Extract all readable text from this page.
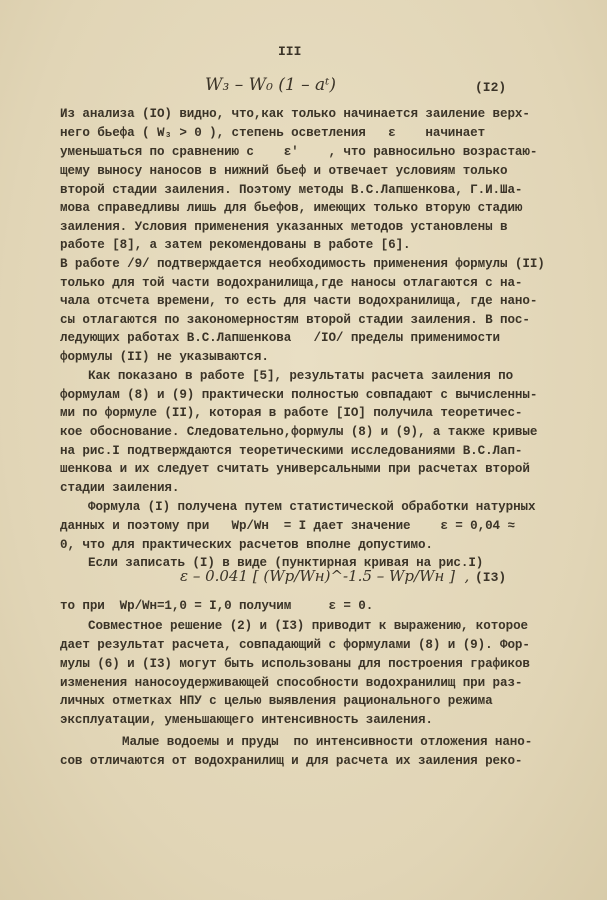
III
W₃ – W₀ (1 – aᵗ)	(I2)
Из анализа (IO) видно, что,как только начинается заиление верх-
него бьефа ( W₃ > 0 ), степень осветления   ε    начинает
уменьшаться по сравнению с    ε'    , что равносильно возрастаю-
щему выносу наносов в нижний бьеф и отвечает условиям только
второй стадии заиления. Поэтому методы В.С.Лапшенкова, Г.И.Ша-
мова справедливы лишь для бьефов, имеющих только вторую стадию
заиления. Условия применения указанных методов установлены в
работе [8], а затем рекомендованы в работе [6].
В работе /9/ подтверждается необходимость применения формулы (II)
только для той части водохранилища,где наносы отлагаются с на-
чала отсчета времени, то есть для части водохранилища, где нано-
сы отлагаются по закономерностям второй стадии заиления. В пос-
ледующих работах В.С.Лапшенкова   /IO/ пределы применимости
формулы (II) не указываются.
Как показано в работе [5], результаты расчета заиления по
формулам (8) и (9) практически полностью совпадают с вычисленны-
ми по формуле (II), которая в работе [IO] получила теоретичес-
кое обоснование. Следовательно,формулы (8) и (9), а также кривые
на рис.I подтверждаются теоретическими исследованиями В.С.Лап-
шенкова и их следует считать универсальными при расчетах второй
стадии заиления.
Формула (I) получена путем статистической обработки натурных
данных и поэтому при   Wp/Wн  = I дает значение    ε = 0,04 ≈
0, что для практических расчетов вполне допустимо.
Если записать (I) в виде (пунктирная кривая на рис.I)
ε – 0.041 [ (Wp/Wн)^-1.5 – Wp/Wн ]  , (I3)
то при  Wp/Wн=1,0 = I,0 получим     ε = 0.
Совместное решение (2) и (I3) приводит к выражению, которое
дает результат расчета, совпадающий с формулами (8) и (9). Фор-
мулы (6) и (I3) могут быть использованы для построения графиков
изменения наносоудерживающей способности водохранилищ при раз-
личных отметках НПУ с целью выявления рационального режима
эксплуатации, уменьшающего интенсивность заиления.
Малые водоемы и пруды  по интенсивности отложения нано-
сов отличаются от водохранилищ и для расчета их заиления реко-
